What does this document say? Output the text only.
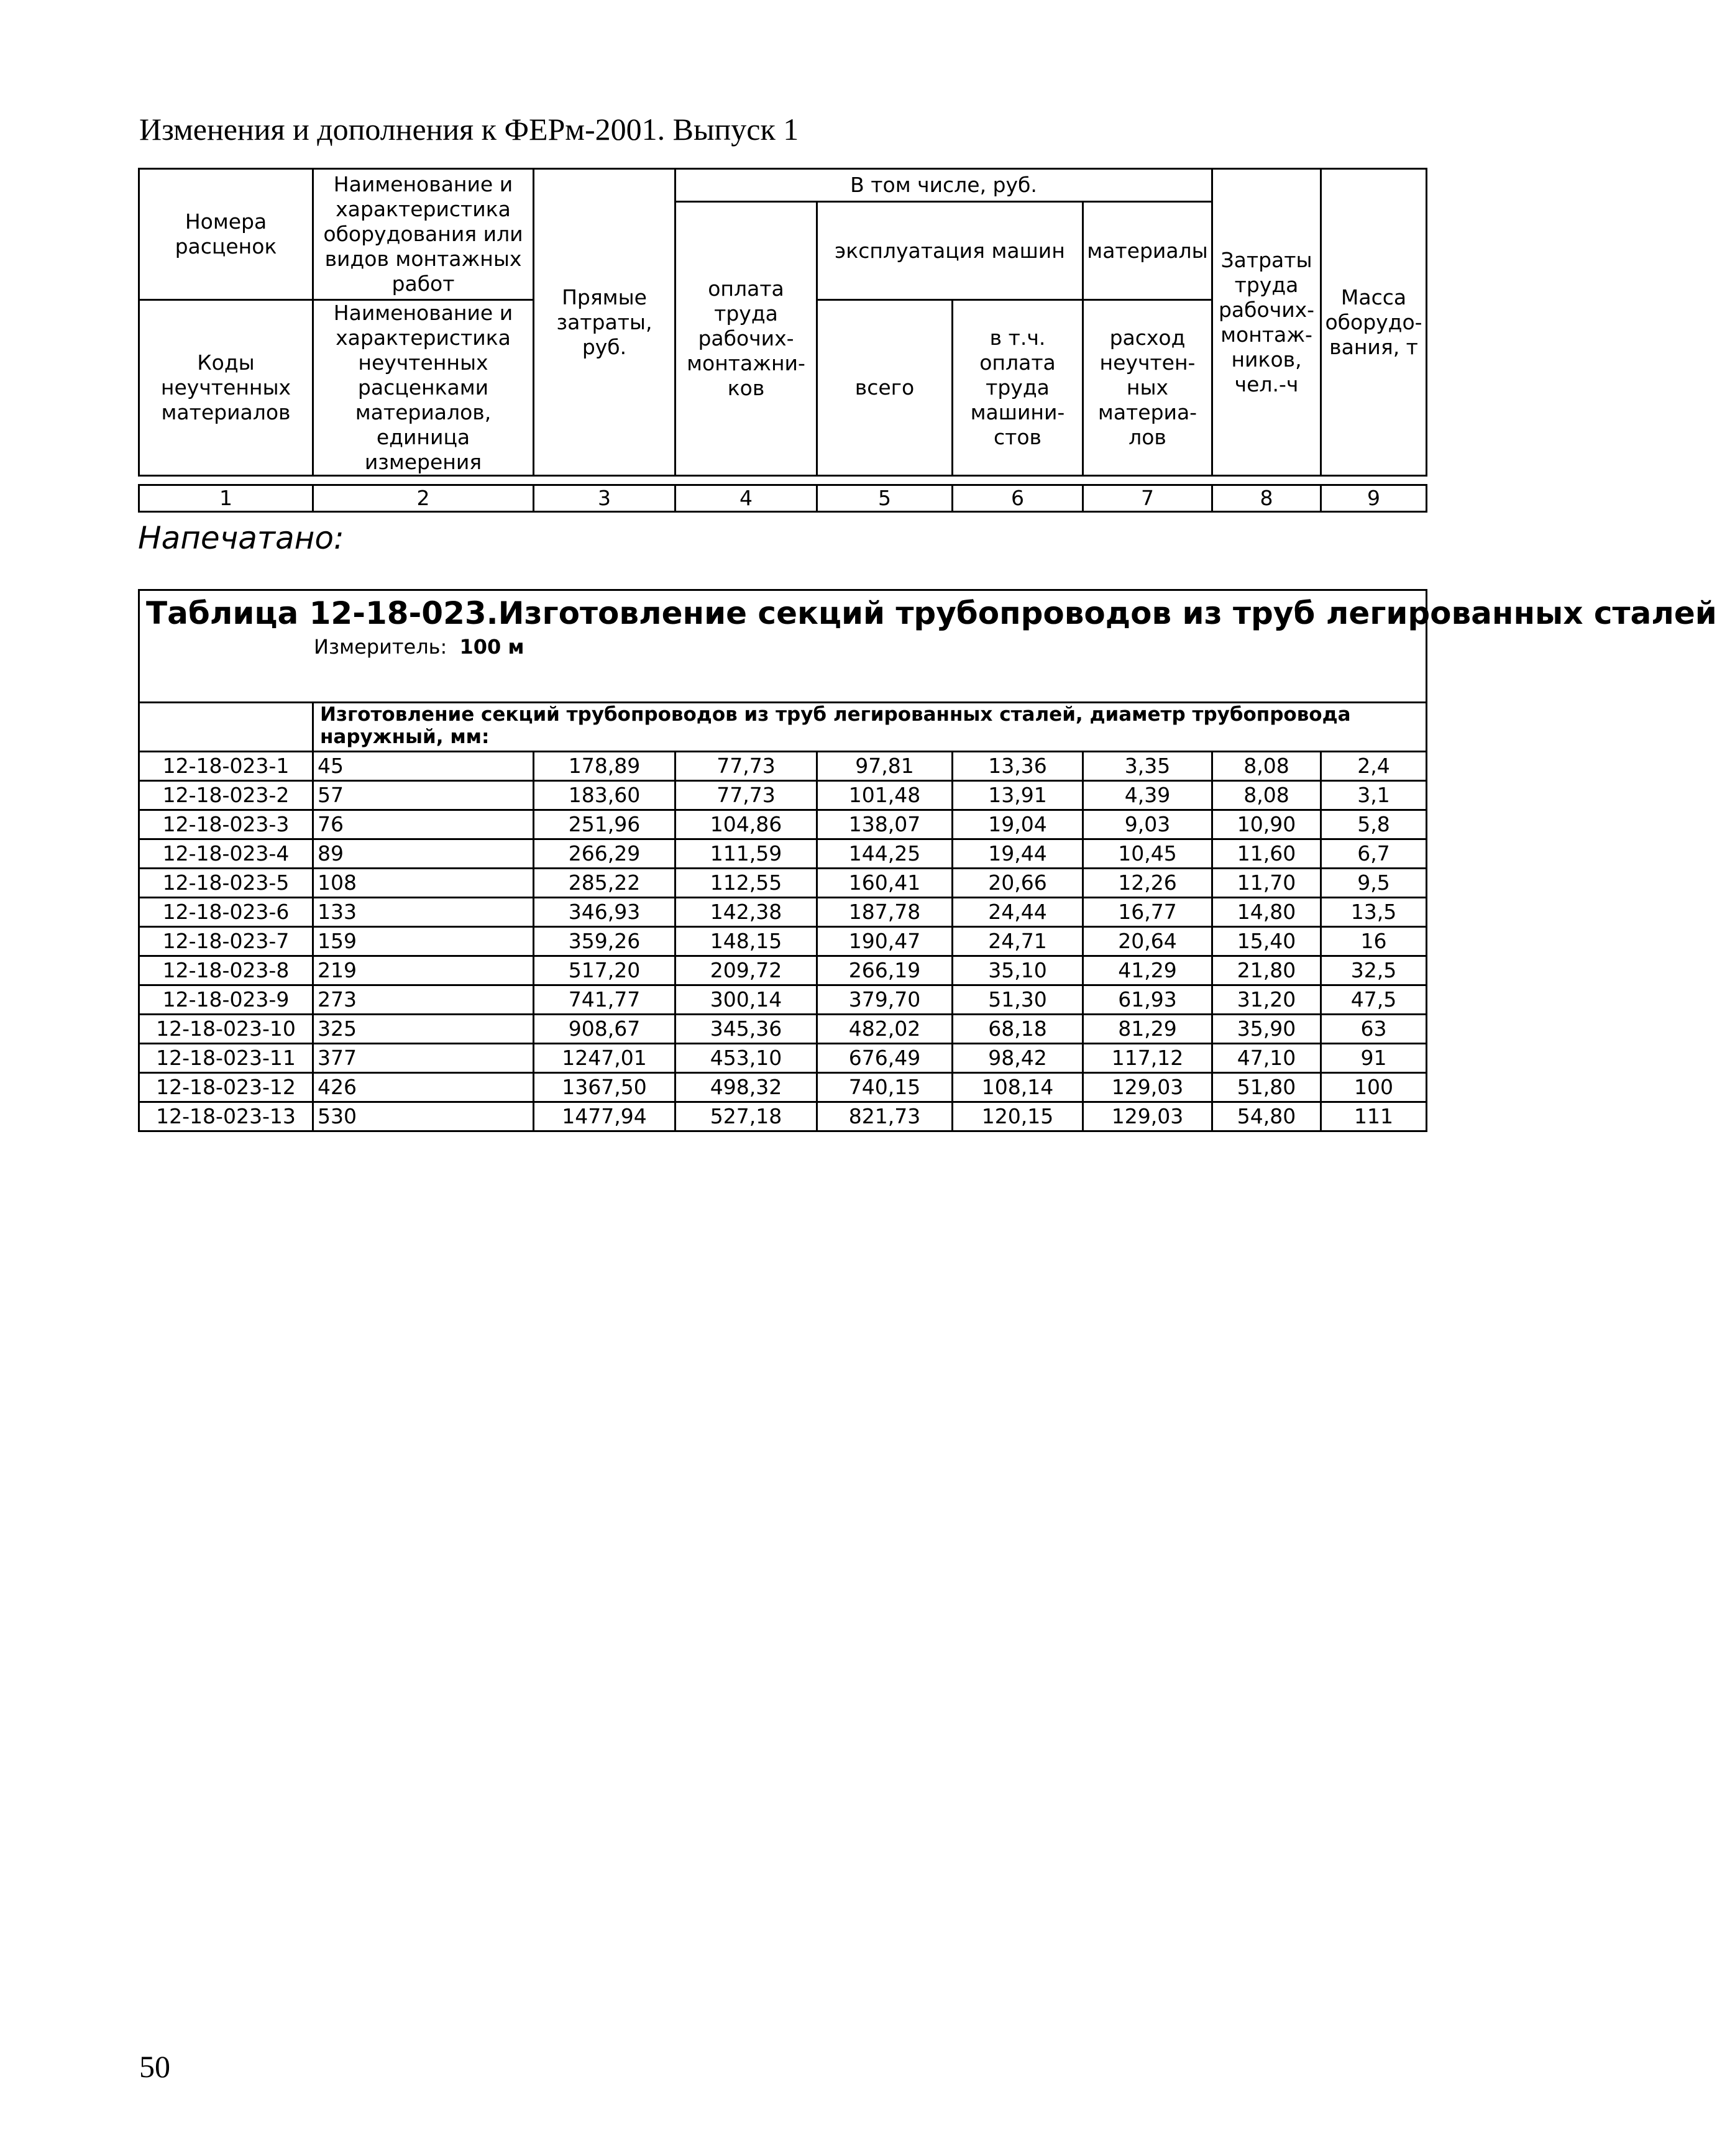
Изменения и дополнения к ФЕРм-2001. Выпуск 1
Номера расценок	Наименование и характеристика оборудования или видов монтажных работ	Прямые затраты, руб.	В том числе, руб.				Затраты труда рабочих-монтаж-ников, чел.-ч	Масса оборудо-вания, т
			оплата труда рабочих-монтажни-ков	эксплуатация машин		материалы		
Коды неучтенных материалов	Наименование и характеристика неучтенных расценками материалов, единица измерения			всего	в т.ч. оплата труда машини-стов	расход неучтен-ных материа-лов		

1	2	3	4	5	6	7	8	9
Напечатано:
Таблица 12-18-023.Изготовление секций трубопроводов из труб легированных сталей
Измеритель: 100 м								

	Изготовление секций трубопроводов из труб легированных сталей, диаметр трубопровода наружный, мм:							
12-18-023-1	45	178,89	77,73	97,81	13,36	3,35	8,08	2,4
12-18-023-2	57	183,60	77,73	101,48	13,91	4,39	8,08	3,1
12-18-023-3	76	251,96	104,86	138,07	19,04	9,03	10,90	5,8
12-18-023-4	89	266,29	111,59	144,25	19,44	10,45	11,60	6,7
12-18-023-5	108	285,22	112,55	160,41	20,66	12,26	11,70	9,5
12-18-023-6	133	346,93	142,38	187,78	24,44	16,77	14,80	13,5
12-18-023-7	159	359,26	148,15	190,47	24,71	20,64	15,40	16
12-18-023-8	219	517,20	209,72	266,19	35,10	41,29	21,80	32,5
12-18-023-9	273	741,77	300,14	379,70	51,30	61,93	31,20	47,5
12-18-023-10	325	908,67	345,36	482,02	68,18	81,29	35,90	63
12-18-023-11	377	1247,01	453,10	676,49	98,42	117,12	47,10	91
12-18-023-12	426	1367,50	498,32	740,15	108,14	129,03	51,80	100
12-18-023-13	530	1477,94	527,18	821,73	120,15	129,03	54,80	111
50
